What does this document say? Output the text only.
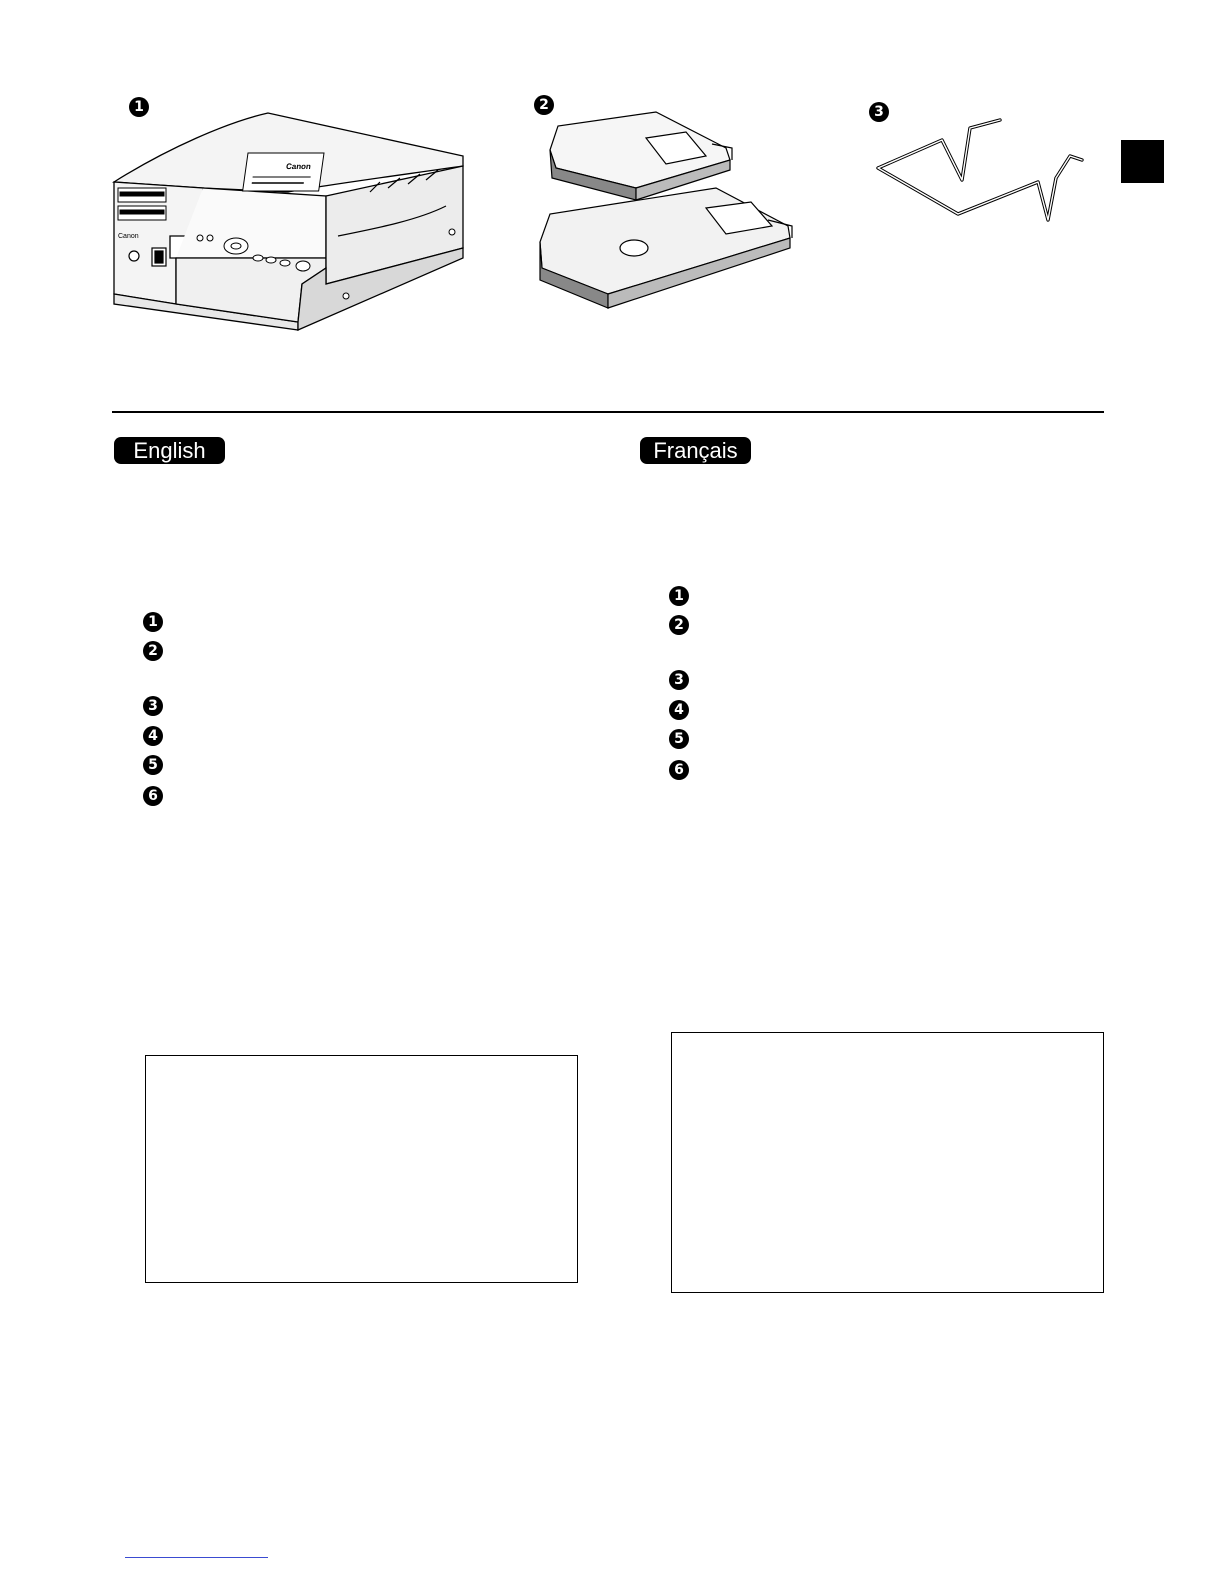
1	2	3
Canon
Canon
English	Français
1
2
3
4
5
6
1
2
3
4
5
6
